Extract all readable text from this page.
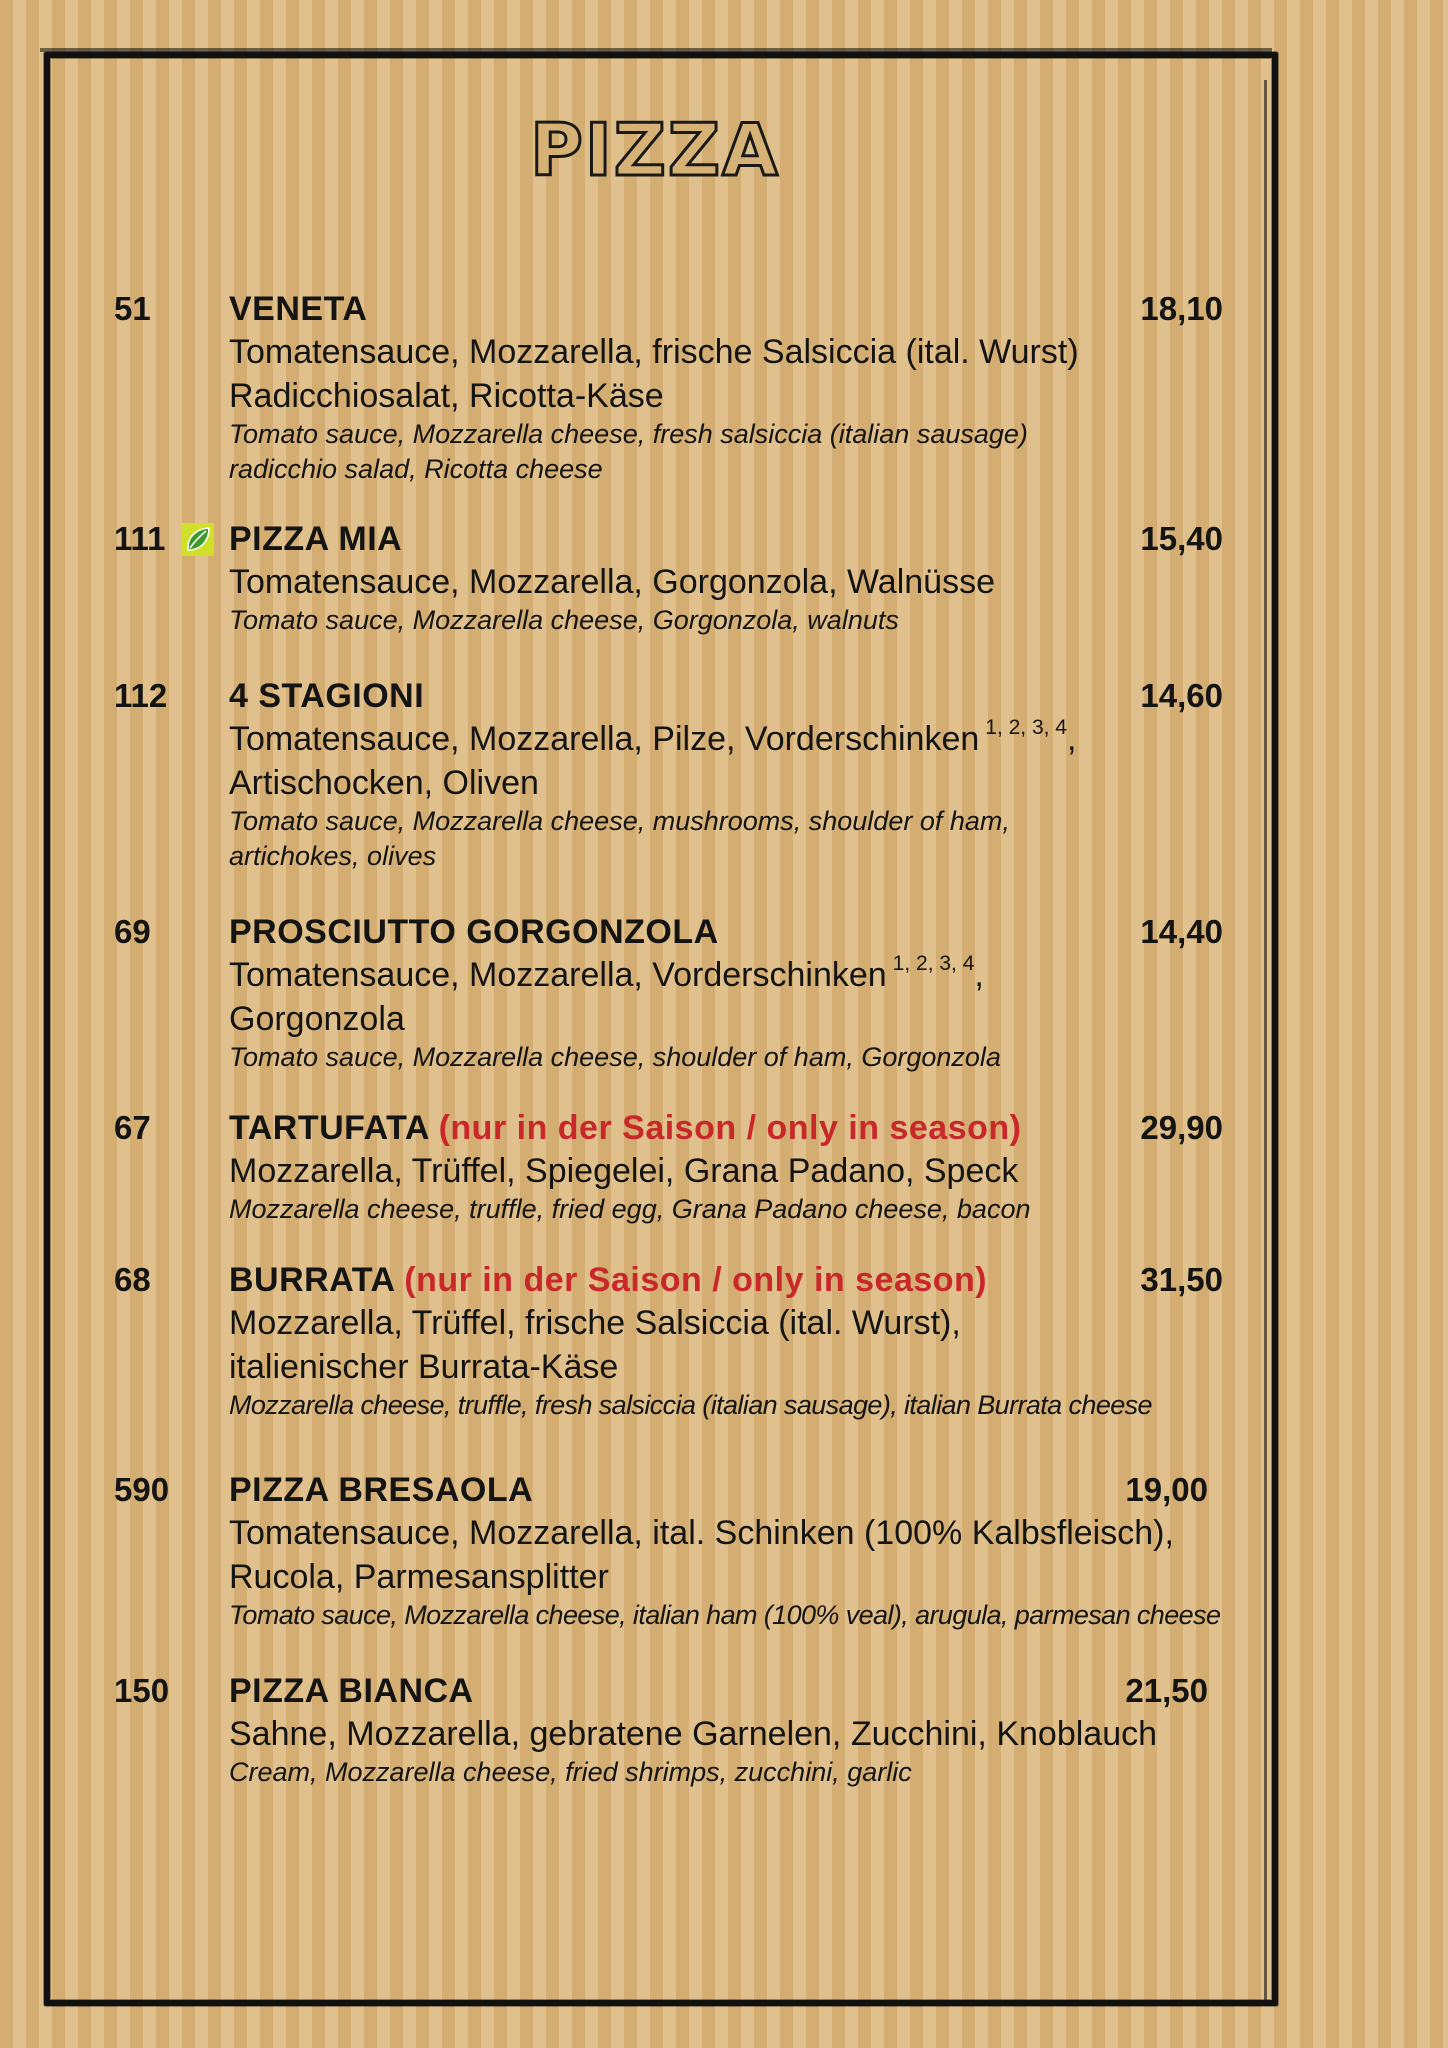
PIZZA
51 VENETA	18,10
Tomatensauce, Mozzarella, frische Salsiccia (ital. Wurst)
Radicchiosalat, Ricotta-Käse
Tomato sauce, Mozzarella cheese, fresh salsiccia (italian sausage)
radicchio salad, Ricotta cheese
111 PIZZA MIA	15,40
Tomatensauce, Mozzarella, Gorgonzola, Walnüsse
Tomato sauce, Mozzarella cheese, Gorgonzola, walnuts
112 4 STAGIONI	14,60
Tomatensauce, Mozzarella, Pilze, Vorderschinken $^{1, 2, 3, 4}$,
Artischocken, Oliven
Tomato sauce, Mozzarella cheese, mushrooms, shoulder of ham,
artichokes, olives
69 PROSCIUTTO GORGONZOLA	14,40
Tomatensauce, Mozzarella, Vorderschinken $^{1, 2, 3, 4}$,
Gorgonzola
Tomato sauce, Mozzarella cheese, shoulder of ham, Gorgonzola
67 TARTUFATA (nur in der Saison / only in season)	29,90
Mozzarella, Trüffel, Spiegelei, Grana Padano, Speck
Mozzarella cheese, truffle, fried egg, Grana Padano cheese, bacon
68 BURRATA (nur in der Saison / only in season)	31,50
Mozzarella, Trüffel, frische Salsiccia (ital. Wurst),
italienischer Burrata-Käse
Mozzarella cheese, truffle, fresh salsiccia (italian sausage), italian Burrata cheese
590 PIZZA BRESAOLA	19,00
Tomatensauce, Mozzarella, ital. Schinken (100% Kalbsfleisch),
Rucola, Parmesansplitter
Tomato sauce, Mozzarella cheese, italian ham (100% veal), arugula, parmesan cheese
150 PIZZA BIANCA	21,50
Sahne, Mozzarella, gebratene Garnelen, Zucchini, Knoblauch
Cream, Mozzarella cheese, fried shrimps, zucchini, garlic
